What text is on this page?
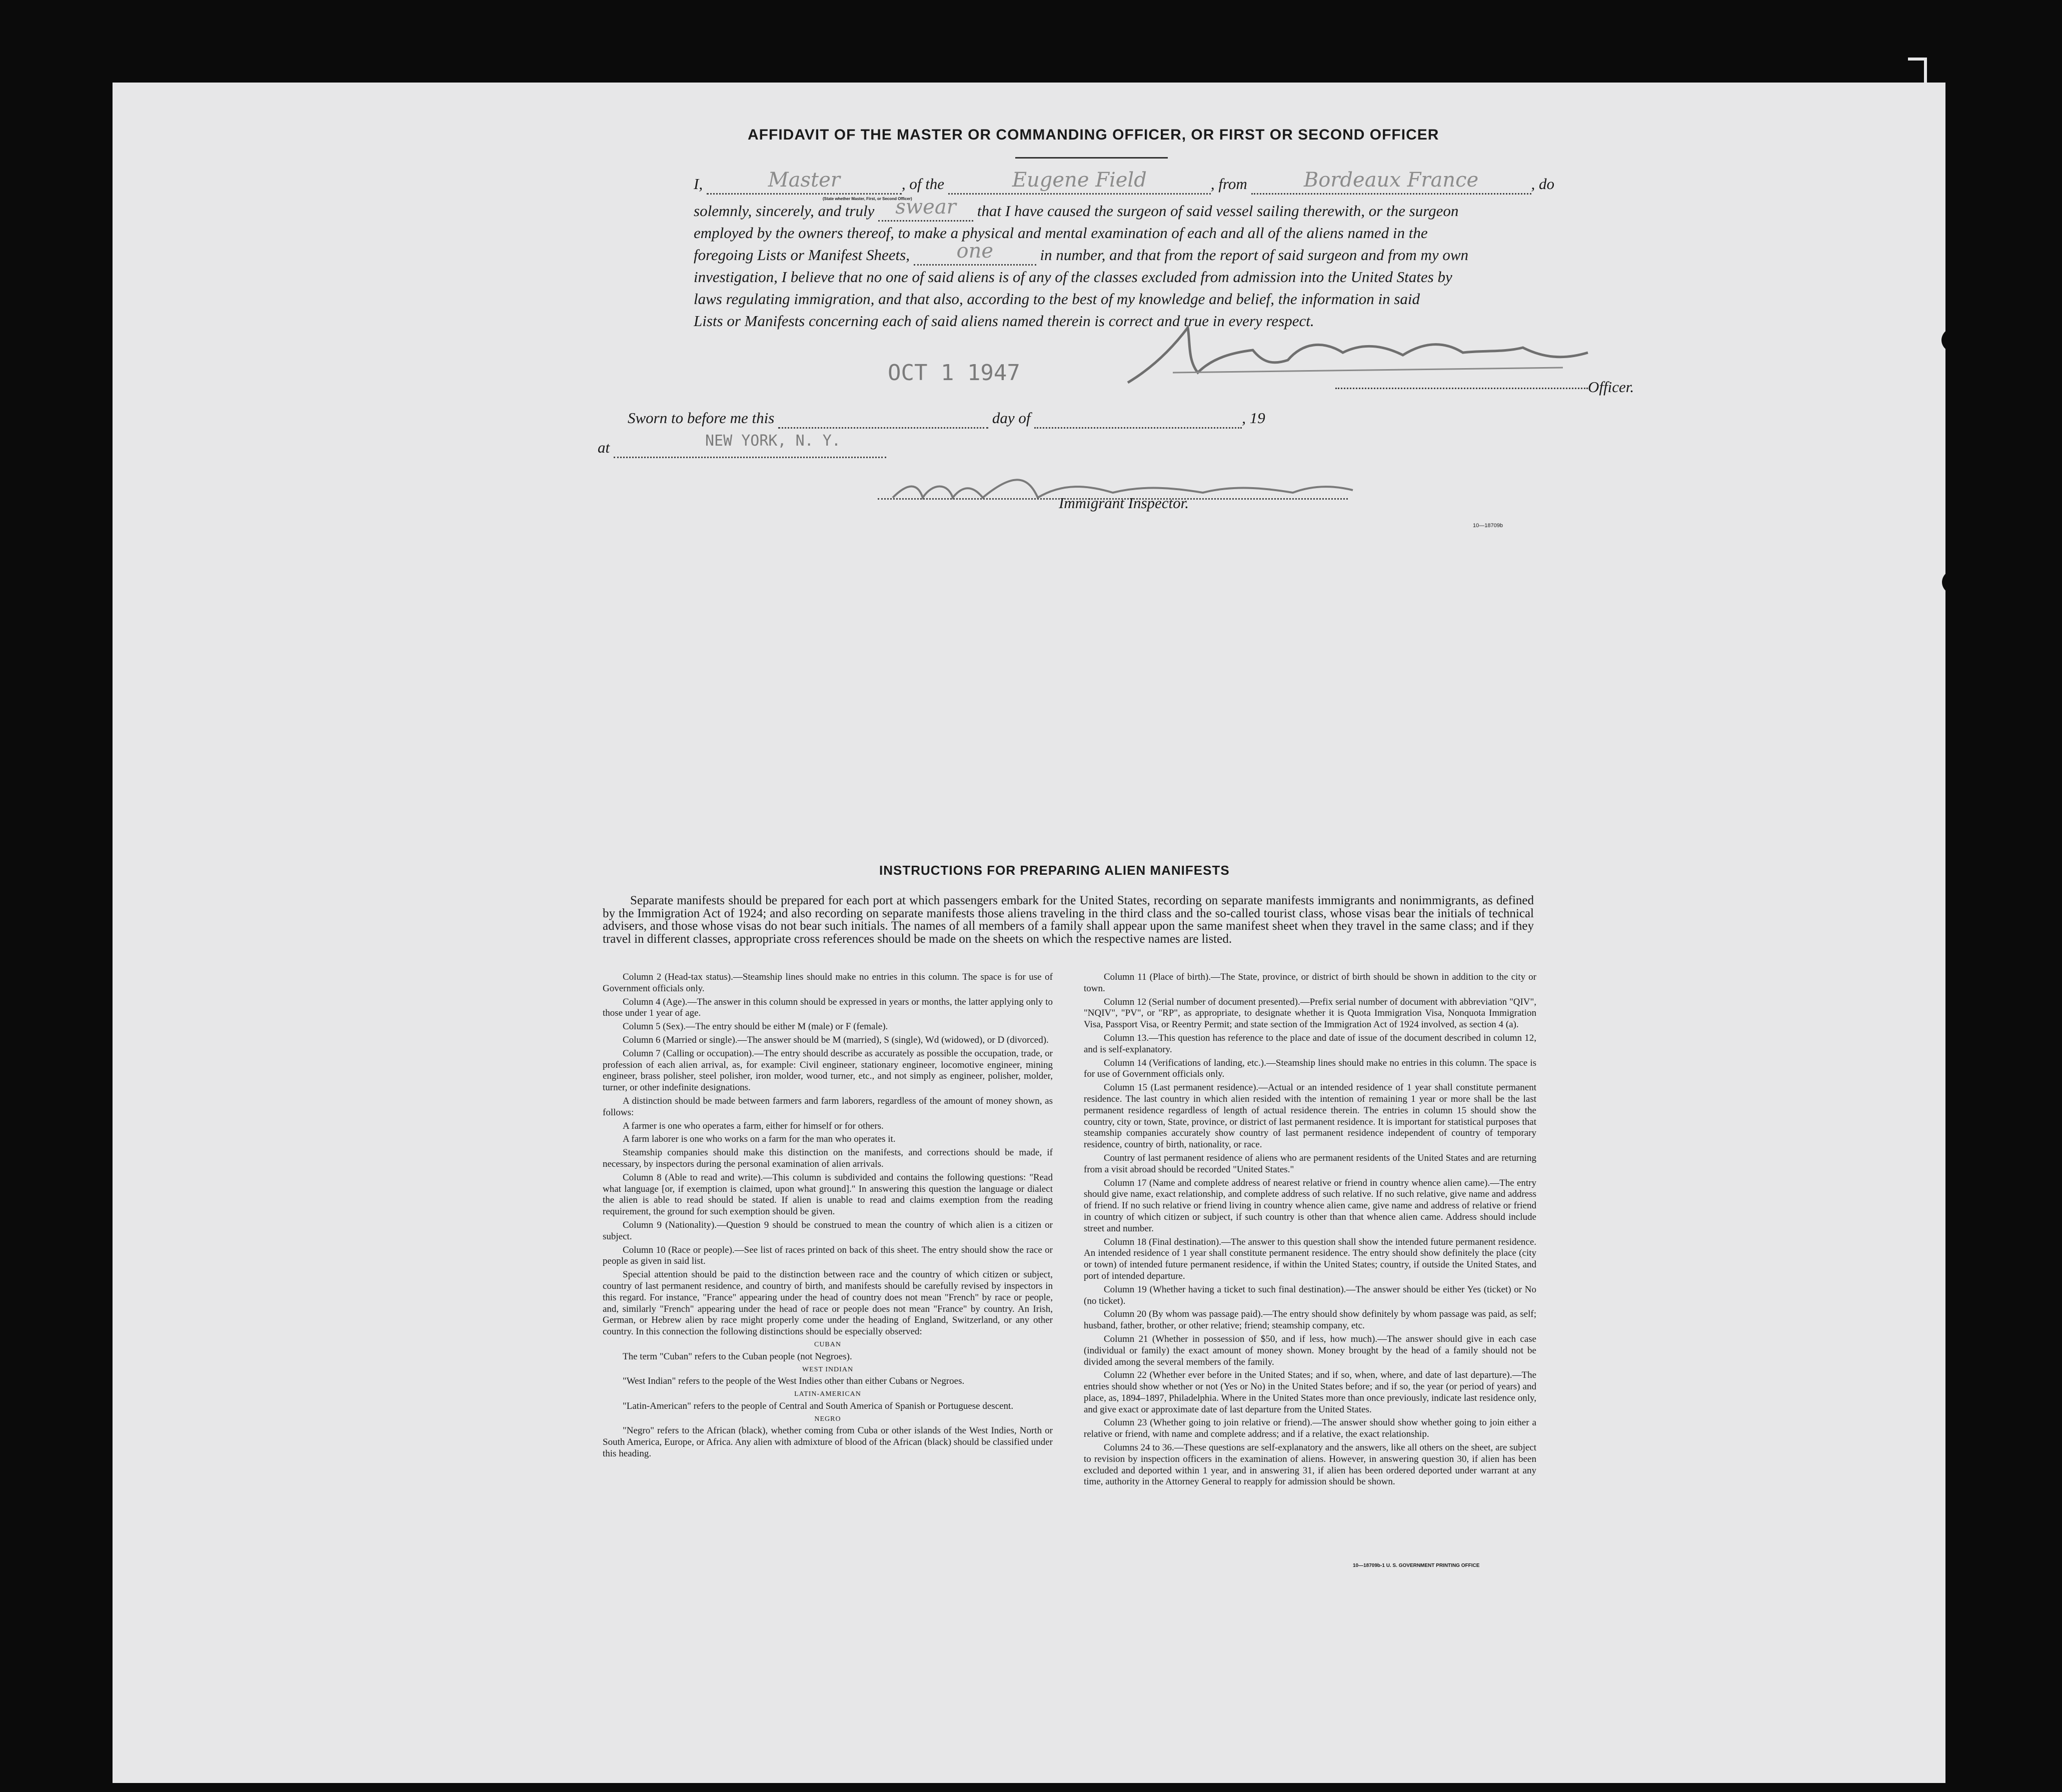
AFFIDAVIT OF THE MASTER OR COMMANDING OFFICER, OR FIRST OR SECOND OFFICER
I,	Master	, of the	Eugene Field	, from	Bordeaux France	, do
(State whether Master, First, or Second Officer)
solemnly, sincerely, and truly	swear	that I have caused the surgeon of said vessel sailing therewith, or the surgeon
employed by the owners thereof, to make a physical and mental examination of each and all of the aliens named in the
foregoing Lists or Manifest Sheets,	one	in number, and that from the report of said surgeon and from my own
investigation, I believe that no one of said aliens is of any of the classes excluded from admission into the United States by
laws regulating immigration, and that also, according to the best of my knowledge and belief, the information in said
Lists or Manifests concerning each of said aliens named therein is correct and true in every respect.
OCT 1 1947
Officer.
Sworn to before me this	day of	, 19
at	NEW YORK, N. Y.
Immigrant Inspector.
10—18709b
INSTRUCTIONS FOR PREPARING ALIEN MANIFESTS
Separate manifests should be prepared for each port at which passengers embark for the United States, recording on separate manifests immigrants and nonimmigrants, as defined by the Immigration Act of 1924; and also recording on separate manifests those aliens traveling in the third class and the so-called tourist class, whose visas bear the initials of technical advisers, and those whose visas do not bear such initials. The names of all members of a family shall appear upon the same manifest sheet when they travel in the same class; and if they travel in different classes, appropriate cross references should be made on the sheets on which the respective names are listed.

Column 2 (Head-tax status).—Steamship lines should make no entries in this column. The space is for use of Government officials only.

Column 4 (Age).—The answer in this column should be expressed in years or months, the latter applying only to those under 1 year of age.

Column 5 (Sex).—The entry should be either M (male) or F (female).

Column 6 (Married or single).—The answer should be M (married), S (single), Wd (widowed), or D (divorced).

Column 7 (Calling or occupation).—The entry should describe as accurately as possible the occupation, trade, or profession of each alien arrival, as, for example: Civil engineer, stationary engineer, locomotive engineer, mining engineer, brass polisher, steel polisher, iron molder, wood turner, etc., and not simply as engineer, polisher, molder, turner, or other indefinite designations.

A distinction should be made between farmers and farm laborers, regardless of the amount of money shown, as follows:

A farmer is one who operates a farm, either for himself or for others.

A farm laborer is one who works on a farm for the man who operates it.

Steamship companies should make this distinction on the manifests, and corrections should be made, if necessary, by inspectors during the personal examination of alien arrivals.

Column 8 (Able to read and write).—This column is subdivided and contains the following questions: "Read what language [or, if exemption is claimed, upon what ground]." In answering this question the language or dialect the alien is able to read should be stated. If alien is unable to read and claims exemption from the reading requirement, the ground for such exemption should be given.

Column 9 (Nationality).—Question 9 should be construed to mean the country of which alien is a citizen or subject.

Column 10 (Race or people).—See list of races printed on back of this sheet. The entry should show the race or people as given in said list.

Special attention should be paid to the distinction between race and the country of which citizen or subject, country of last permanent residence, and country of birth, and manifests should be carefully revised by inspectors in this regard. For instance, "France" appearing under the head of country does not mean "French" by race or people, and, similarly "French" appearing under the head of race or people does not mean "France" by country. An Irish, German, or Hebrew alien by race might properly come under the heading of England, Switzerland, or any other country. In this connection the following distinctions should be especially observed:

CUBAN

The term "Cuban" refers to the Cuban people (not Negroes).

WEST INDIAN

"West Indian" refers to the people of the West Indies other than either Cubans or Negroes.

LATIN-AMERICAN

"Latin-American" refers to the people of Central and South America of Spanish or Portuguese descent.

NEGRO

"Negro" refers to the African (black), whether coming from Cuba or other islands of the West Indies, North or South America, Europe, or Africa. Any alien with admixture of blood of the African (black) should be classified under this heading.

Column 11 (Place of birth).—The State, province, or district of birth should be shown in addition to the city or town.

Column 12 (Serial number of document presented).—Prefix serial number of document with abbreviation "QIV", "NQIV", "PV", or "RP", as appropriate, to designate whether it is Quota Immigration Visa, Nonquota Immigration Visa, Passport Visa, or Reentry Permit; and state section of the Immigration Act of 1924 involved, as section 4 (a).

Column 13.—This question has reference to the place and date of issue of the document described in column 12, and is self-explanatory.

Column 14 (Verifications of landing, etc.).—Steamship lines should make no entries in this column. The space is for use of Government officials only.

Column 15 (Last permanent residence).—Actual or an intended residence of 1 year shall constitute permanent residence. The last country in which alien resided with the intention of remaining 1 year or more shall be the last permanent residence regardless of length of actual residence therein. The entries in column 15 should show the country, city or town, State, province, or district of last permanent residence. It is important for statistical purposes that steamship companies accurately show country of last permanent residence independent of country of temporary residence, country of birth, nationality, or race.

Country of last permanent residence of aliens who are permanent residents of the United States and are returning from a visit abroad should be recorded "United States."

Column 17 (Name and complete address of nearest relative or friend in country whence alien came).—The entry should give name, exact relationship, and complete address of such relative. If no such relative, give name and address of friend. If no such relative or friend living in country whence alien came, give name and address of relative or friend in country of which citizen or subject, if such country is other than that whence alien came. Address should include street and number.

Column 18 (Final destination).—The answer to this question shall show the intended future permanent residence. An intended residence of 1 year shall constitute permanent residence. The entry should show definitely the place (city or town) of intended future permanent residence, if within the United States; country, if outside the United States, and port of intended departure.

Column 19 (Whether having a ticket to such final destination).—The answer should be either Yes (ticket) or No (no ticket).

Column 20 (By whom was passage paid).—The entry should show definitely by whom passage was paid, as self; husband, father, brother, or other relative; friend; steamship company, etc.

Column 21 (Whether in possession of $50, and if less, how much).—The answer should give in each case (individual or family) the exact amount of money shown. Money brought by the head of a family should not be divided among the several members of the family.

Column 22 (Whether ever before in the United States; and if so, when, where, and date of last departure).—The entries should show whether or not (Yes or No) in the United States before; and if so, the year (or period of years) and place, as, 1894–1897, Philadelphia. Where in the United States more than once previously, indicate last residence only, and give exact or approximate date of last departure from the United States.

Column 23 (Whether going to join relative or friend).—The answer should show whether going to join either a relative or friend, with name and complete address; and if a relative, the exact relationship.

Columns 24 to 36.—These questions are self-explanatory and the answers, like all others on the sheet, are subject to revision by inspection officers in the examination of aliens. However, in answering question 30, if alien has been excluded and deported within 1 year, and in answering 31, if alien has been ordered deported under warrant at any time, authority in the Attorney General to reapply for admission should be shown.

10—18709b-1 U. S. GOVERNMENT PRINTING OFFICE
